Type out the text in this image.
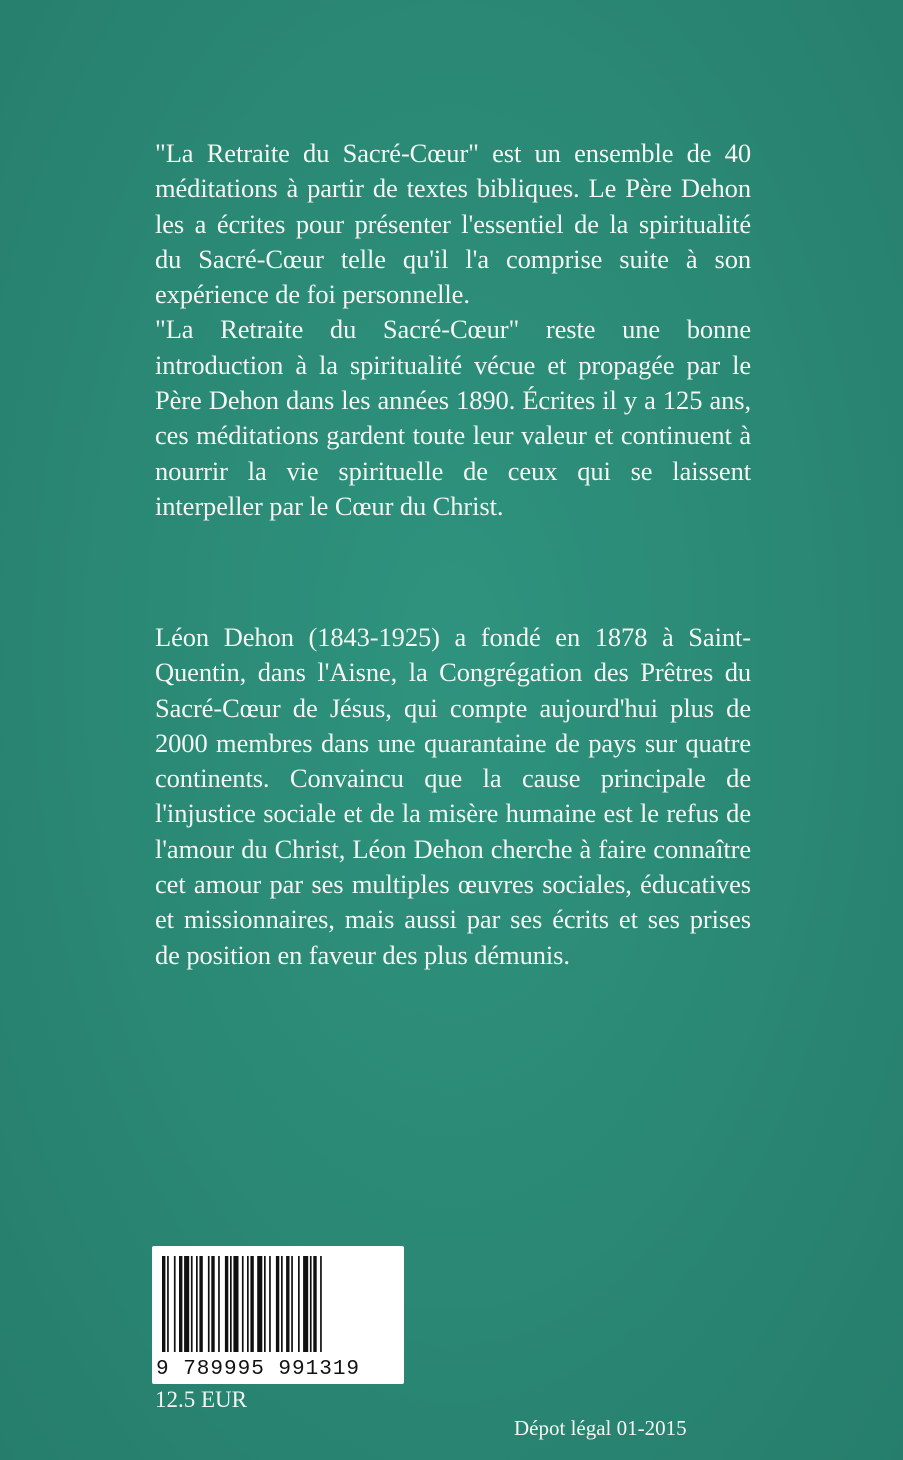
"La Retraite du Sacré-Cœur" est un ensemble de 40 méditations à partir de textes bibliques. Le Père Dehon les a écrites pour présenter l'essentiel de la spiritualité du Sacré-Cœur telle qu'il l'a comprise suite à son expérience de foi personnelle.

"La Retraite du Sacré-Cœur" reste une bonne introduction à la spiritualité vécue et propagée par le Père Dehon dans les années 1890. Écrites il y a 125 ans, ces méditations gardent toute leur valeur et continuent à nourrir la vie spirituelle de ceux qui se laissent interpeller par le Cœur du Christ.

Léon Dehon (1843-1925) a fondé en 1878 à Saint-Quentin, dans l'Aisne, la Congrégation des Prêtres du Sacré-Cœur de Jésus, qui compte aujourd'hui plus de 2000 membres dans une quarantaine de pays sur quatre continents. Convaincu que la cause principale de l'injustice sociale et de la misère humaine est le refus de l'amour du Christ, Léon Dehon cherche à faire connaître cet amour par ses multiples œuvres sociales, éducatives et missionnaires, mais aussi par ses écrits et ses prises de position en faveur des plus démunis.

9 789995 991319
12.5 EUR
Dépot légal 01-2015
